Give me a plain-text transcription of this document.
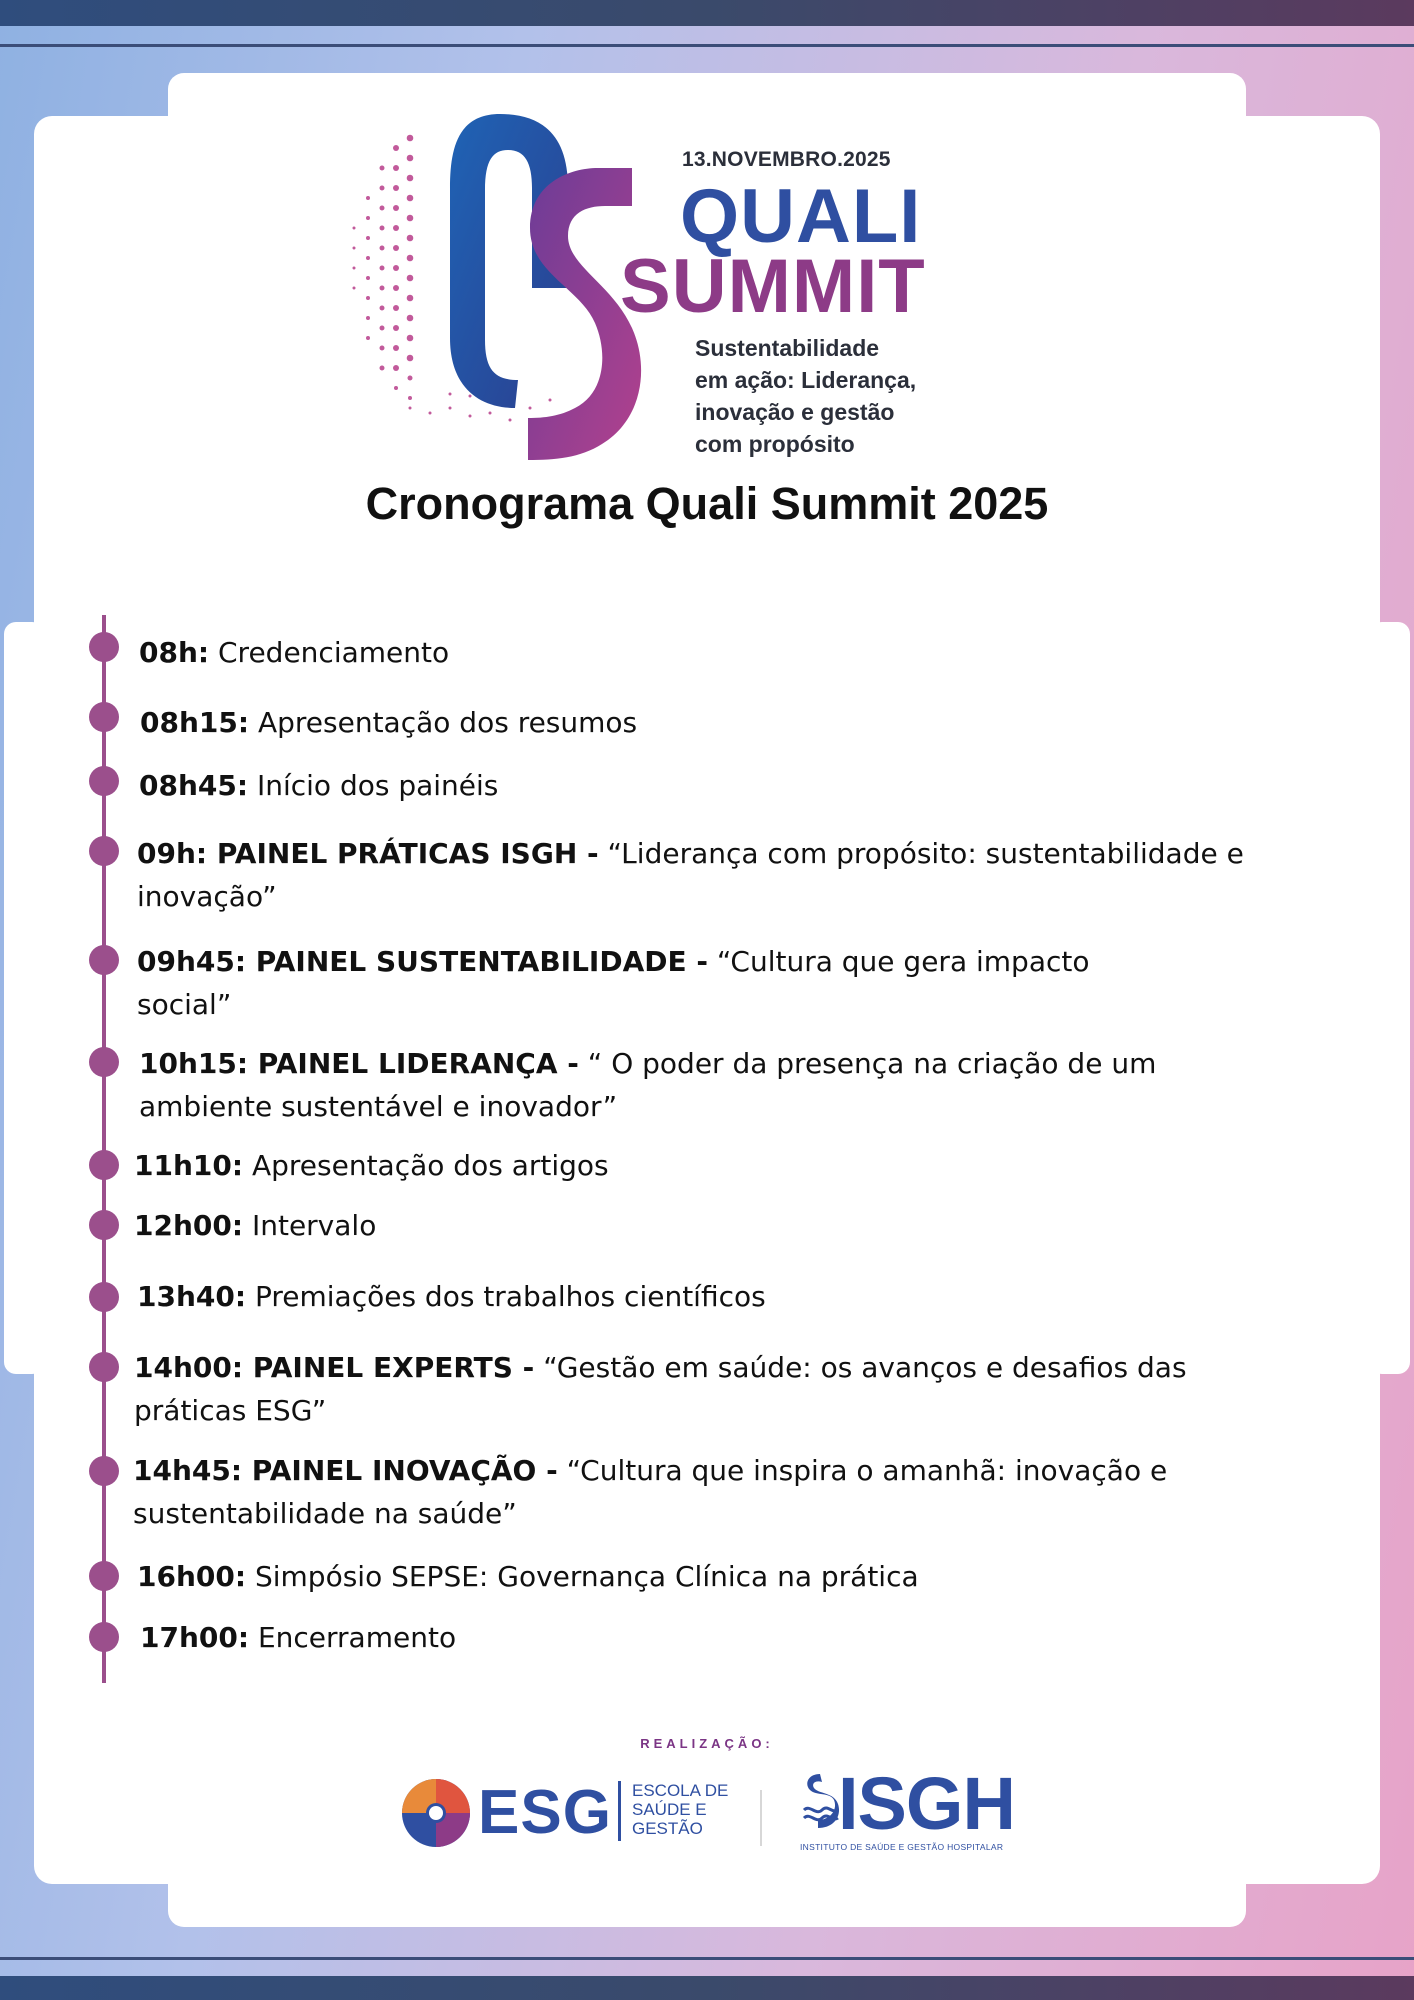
13.NOVEMBRO.2025
QUALI
SUMMIT
Sustentabilidade
em ação: Liderança,
inovação e gestão
com propósito
Cronograma Quali Summit 2025
08h: Credenciamento
08h15: Apresentação dos resumos
08h45: Início dos painéis
09h: PAINEL PRÁTICAS ISGH - “Liderança com propósito: sustentabilidade e inovação”
09h45: PAINEL SUSTENTABILIDADE - “Cultura que gera impacto social”
10h15: PAINEL LIDERANÇA - “ O poder da presença na criação de um ambiente sustentável e inovador”
11h10: Apresentação dos artigos
12h00: Intervalo
13h40: Premiações dos trabalhos científicos
14h00: PAINEL EXPERTS - “Gestão em saúde: os avanços e desafios das práticas ESG”
14h45: PAINEL INOVAÇÃO - “Cultura que inspira o amanhã: inovação e sustentabilidade na saúde”
16h00: Simpósio SEPSE: Governança Clínica na prática
17h00: Encerramento
REALIZAÇÃO:
ESG ESCOLA DE
SAÚDE E
GESTÃO	ISGH
INSTITUTO DE SAÚDE E GESTÃO HOSPITALAR
